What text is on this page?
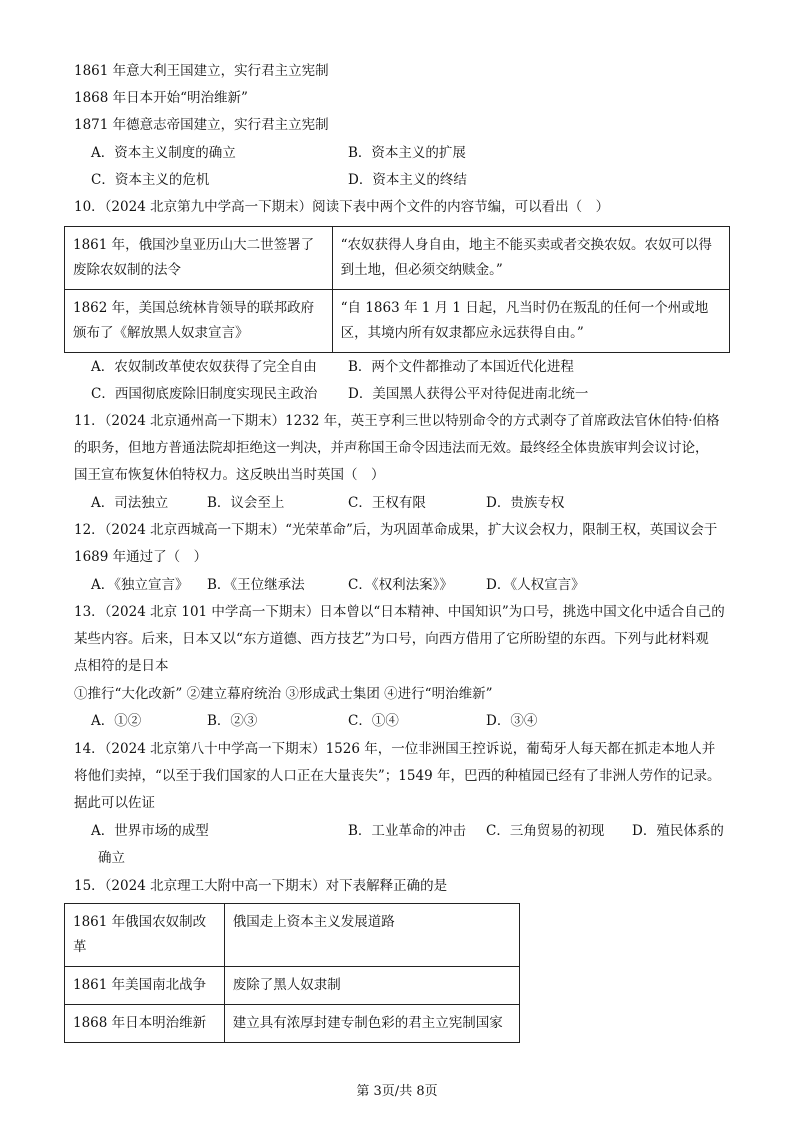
1861 年意大利王国建立，实行君主立宪制
1868 年日本开始“明治维新”
1871 年德意志帝国建立，实行君主立宪制
A．资本主义制度的确立	B．资本主义的扩展
C．资本主义的危机	D．资本主义的终结
10．（2024 北京第九中学高一下期末）阅读下表中两个文件的内容节编，可以看出（　）
1861 年，俄国沙皇亚历山大二世签署了废除农奴制的法令	“农奴获得人身自由，地主不能买卖或者交换农奴。农奴可以得到土地，但必须交纳赎金。”
1862 年，美国总统林肯领导的联邦政府颁布了《解放黑人奴隶宣言》	“自 1863 年 1 月 1 日起，凡当时仍在叛乱的任何一个州或地区，其境内所有奴隶都应永远获得自由。”
A．农奴制改革使农奴获得了完全自由 B．两个文件都推动了本国近代化进程
C．西国彻底废除旧制度实现民主政治 D．美国黑人获得公平对待促进南北统一
11．（2024 北京通州高一下期末）1232 年，英王亨利三世以特别命令的方式剥夺了首席政法官休伯特·伯格
的职务，但地方普通法院却拒绝这一判决，并声称国王命令因违法而无效。最终经全体贵族审判会议讨论，
国王宣布恢复休伯特权力。这反映出当时英国（　）
A．司法独立	B．议会至上	C．王权有限	D．贵族专权
12．（2024 北京西城高一下期末）“光荣革命”后，为巩固革命成果，扩大议会权力，限制王权，英国议会于
1689 年通过了（　）
A．《独立宣言》 B．《王位继承法	C．《权利法案》》 D．《人权宣言》
13．（2024 北京 101 中学高一下期末）日本曾以“日本精神、中国知识”为口号，挑选中国文化中适合自己的
某些内容。后来，日本又以“东方道德、西方技艺”为口号，向西方借用了它所盼望的东西。下列与此材料观
点相符的是日本
①推行“大化改新” ②建立幕府统治 ③形成武士集团 ④进行“明治维新”
A．①②	B．②③	C．①④	D．③④
14．（2024 北京第八十中学高一下期末）1526 年，一位非洲国王控诉说，葡萄牙人每天都在抓走本地人并
将他们卖掉，“以至于我们国家的人口正在大量丧失”；1549 年，巴西的种植园已经有了非洲人劳作的记录。
据此可以佐证
A．世界市场的成型	B．工业革命的冲击 C．三角贸易的初现 D．殖民体系的
确立
15．（2024 北京理工大附中高一下期末）对下表解释正确的是
1861 年俄国农奴制改革	俄国走上资本主义发展道路
1861 年美国南北战争	废除了黑人奴隶制
1868 年日本明治维新	建立具有浓厚封建专制色彩的君主立宪制国家
第 3页/共 8页
